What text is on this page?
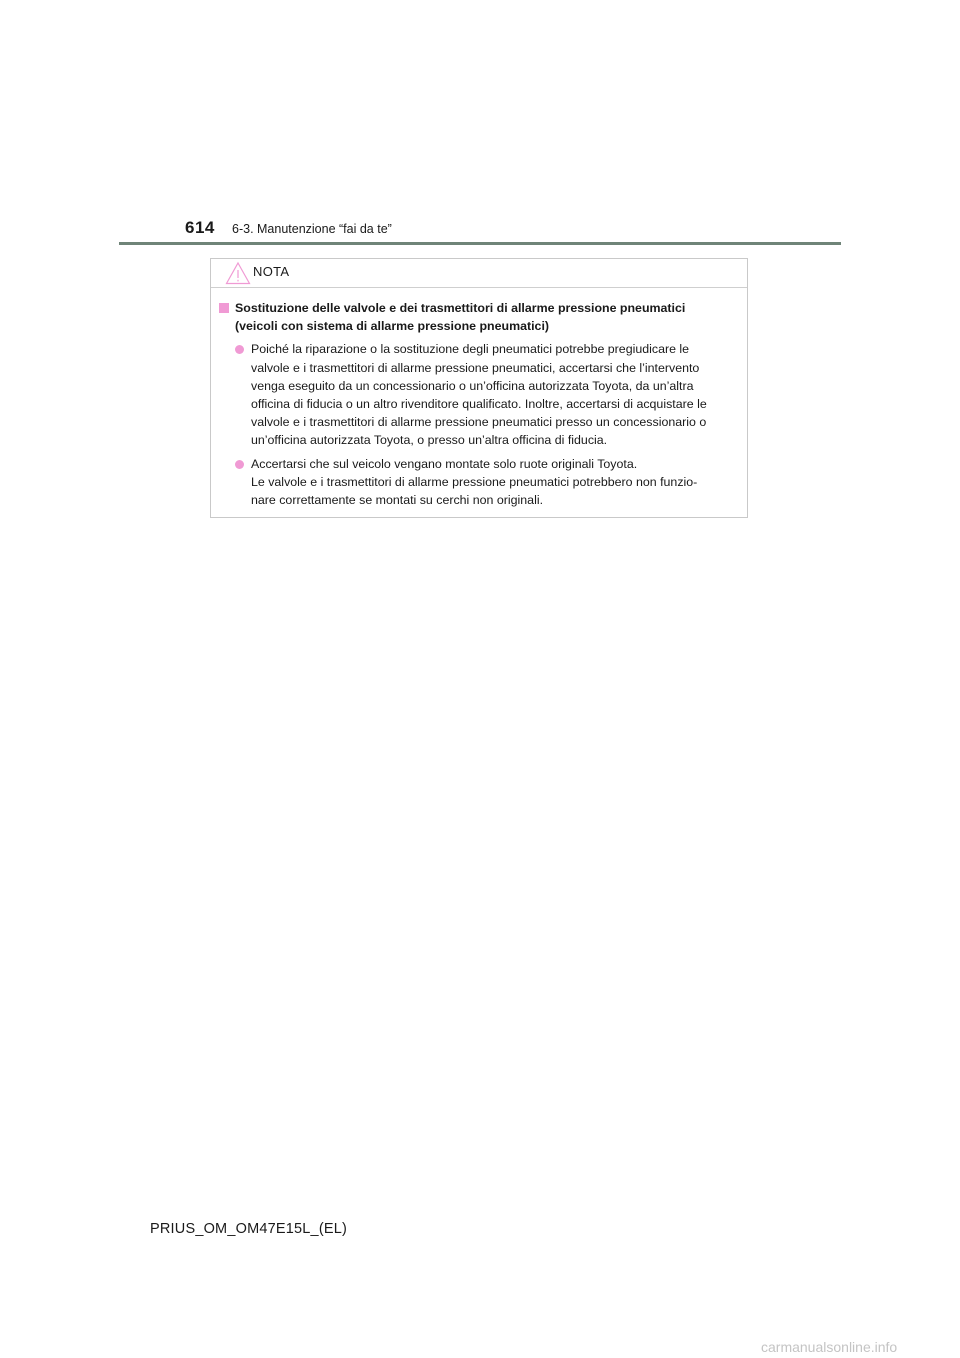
614 6-3. Manutenzione “fai da te”
NOTA
Sostituzione delle valvole e dei trasmettitori di allarme pressione pneumatici
(veicoli con sistema di allarme pressione pneumatici)
Poiché la riparazione o la sostituzione degli pneumatici potrebbe pregiudicare le
valvole e i trasmettitori di allarme pressione pneumatici, accertarsi che l’intervento
venga eseguito da un concessionario o un’officina autorizzata Toyota, da un’altra
officina di fiducia o un altro rivenditore qualificato. Inoltre, accertarsi di acquistare le
valvole e i trasmettitori di allarme pressione pneumatici presso un concessionario o
un’officina autorizzata Toyota, o presso un’altra officina di fiducia.
Accertarsi che sul veicolo vengano montate solo ruote originali Toyota.
Le valvole e i trasmettitori di allarme pressione pneumatici potrebbero non funzio-
nare correttamente se montati su cerchi non originali.
PRIUS_OM_OM47E15L_(EL)
carmanualsonline.info
